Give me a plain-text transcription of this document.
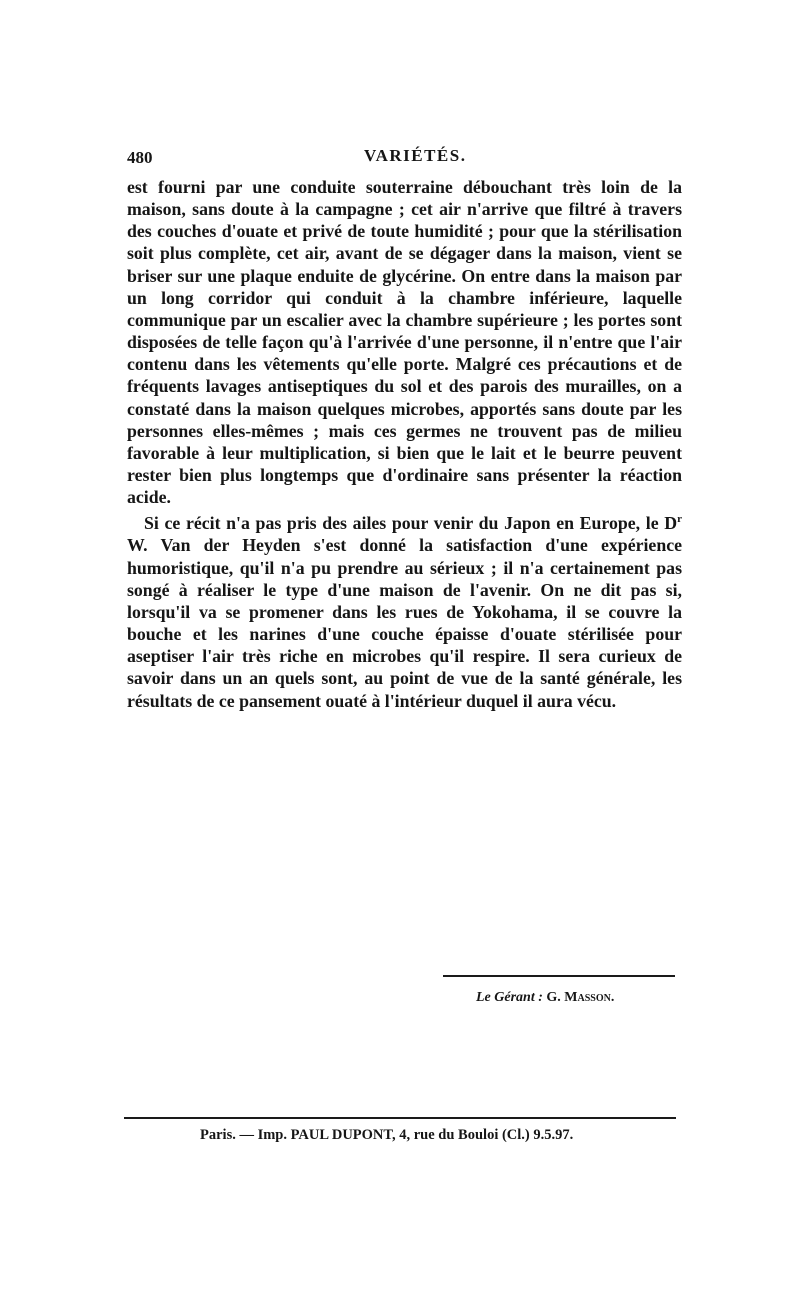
480	VARIÉTÉS.

est fourni par une conduite souterraine débouchant très loin de la maison, sans doute à la campagne ; cet air n'arrive que filtré à travers des couches d'ouate et privé de toute humidité ; pour que la stérilisation soit plus complète, cet air, avant de se dégager dans la maison, vient se briser sur une plaque enduite de glycérine. On entre dans la maison par un long corridor qui conduit à la chambre inférieure, laquelle communique par un escalier avec la chambre supérieure ; les portes sont disposées de telle façon qu'à l'arrivée d'une personne, il n'entre que l'air contenu dans les vêtements qu'elle porte. Malgré ces précautions et de fréquents lavages antiseptiques du sol et des parois des murailles, on a constaté dans la maison quelques microbes, apportés sans doute par les personnes elles-mêmes ; mais ces germes ne trouvent pas de milieu favorable à leur multiplication, si bien que le lait et le beurre peuvent rester bien plus longtemps que d'ordinaire sans présenter la réaction acide.

Si ce récit n'a pas pris des ailes pour venir du Japon en Europe, le $D^r$ W. Van der Heyden s'est donné la satisfaction d'une expérience humoristique, qu'il n'a pu prendre au sérieux ; il n'a certainement pas songé à réaliser le type d'une maison de l'avenir. On ne dit pas si, lorsqu'il va se promener dans les rues de Yokohama, il se couvre la bouche et les narines d'une couche épaisse d'ouate stérilisée pour aseptiser l'air très riche en microbes qu'il respire. Il sera curieux de savoir dans un an quels sont, au point de vue de la santé générale, les résultats de ce pansement ouaté à l'intérieur duquel il aura vécu.

Le Gérant : G. Masson.
Paris. — Imp. PAUL DUPONT, 4, rue du Bouloi (Cl.) 9.5.97.
